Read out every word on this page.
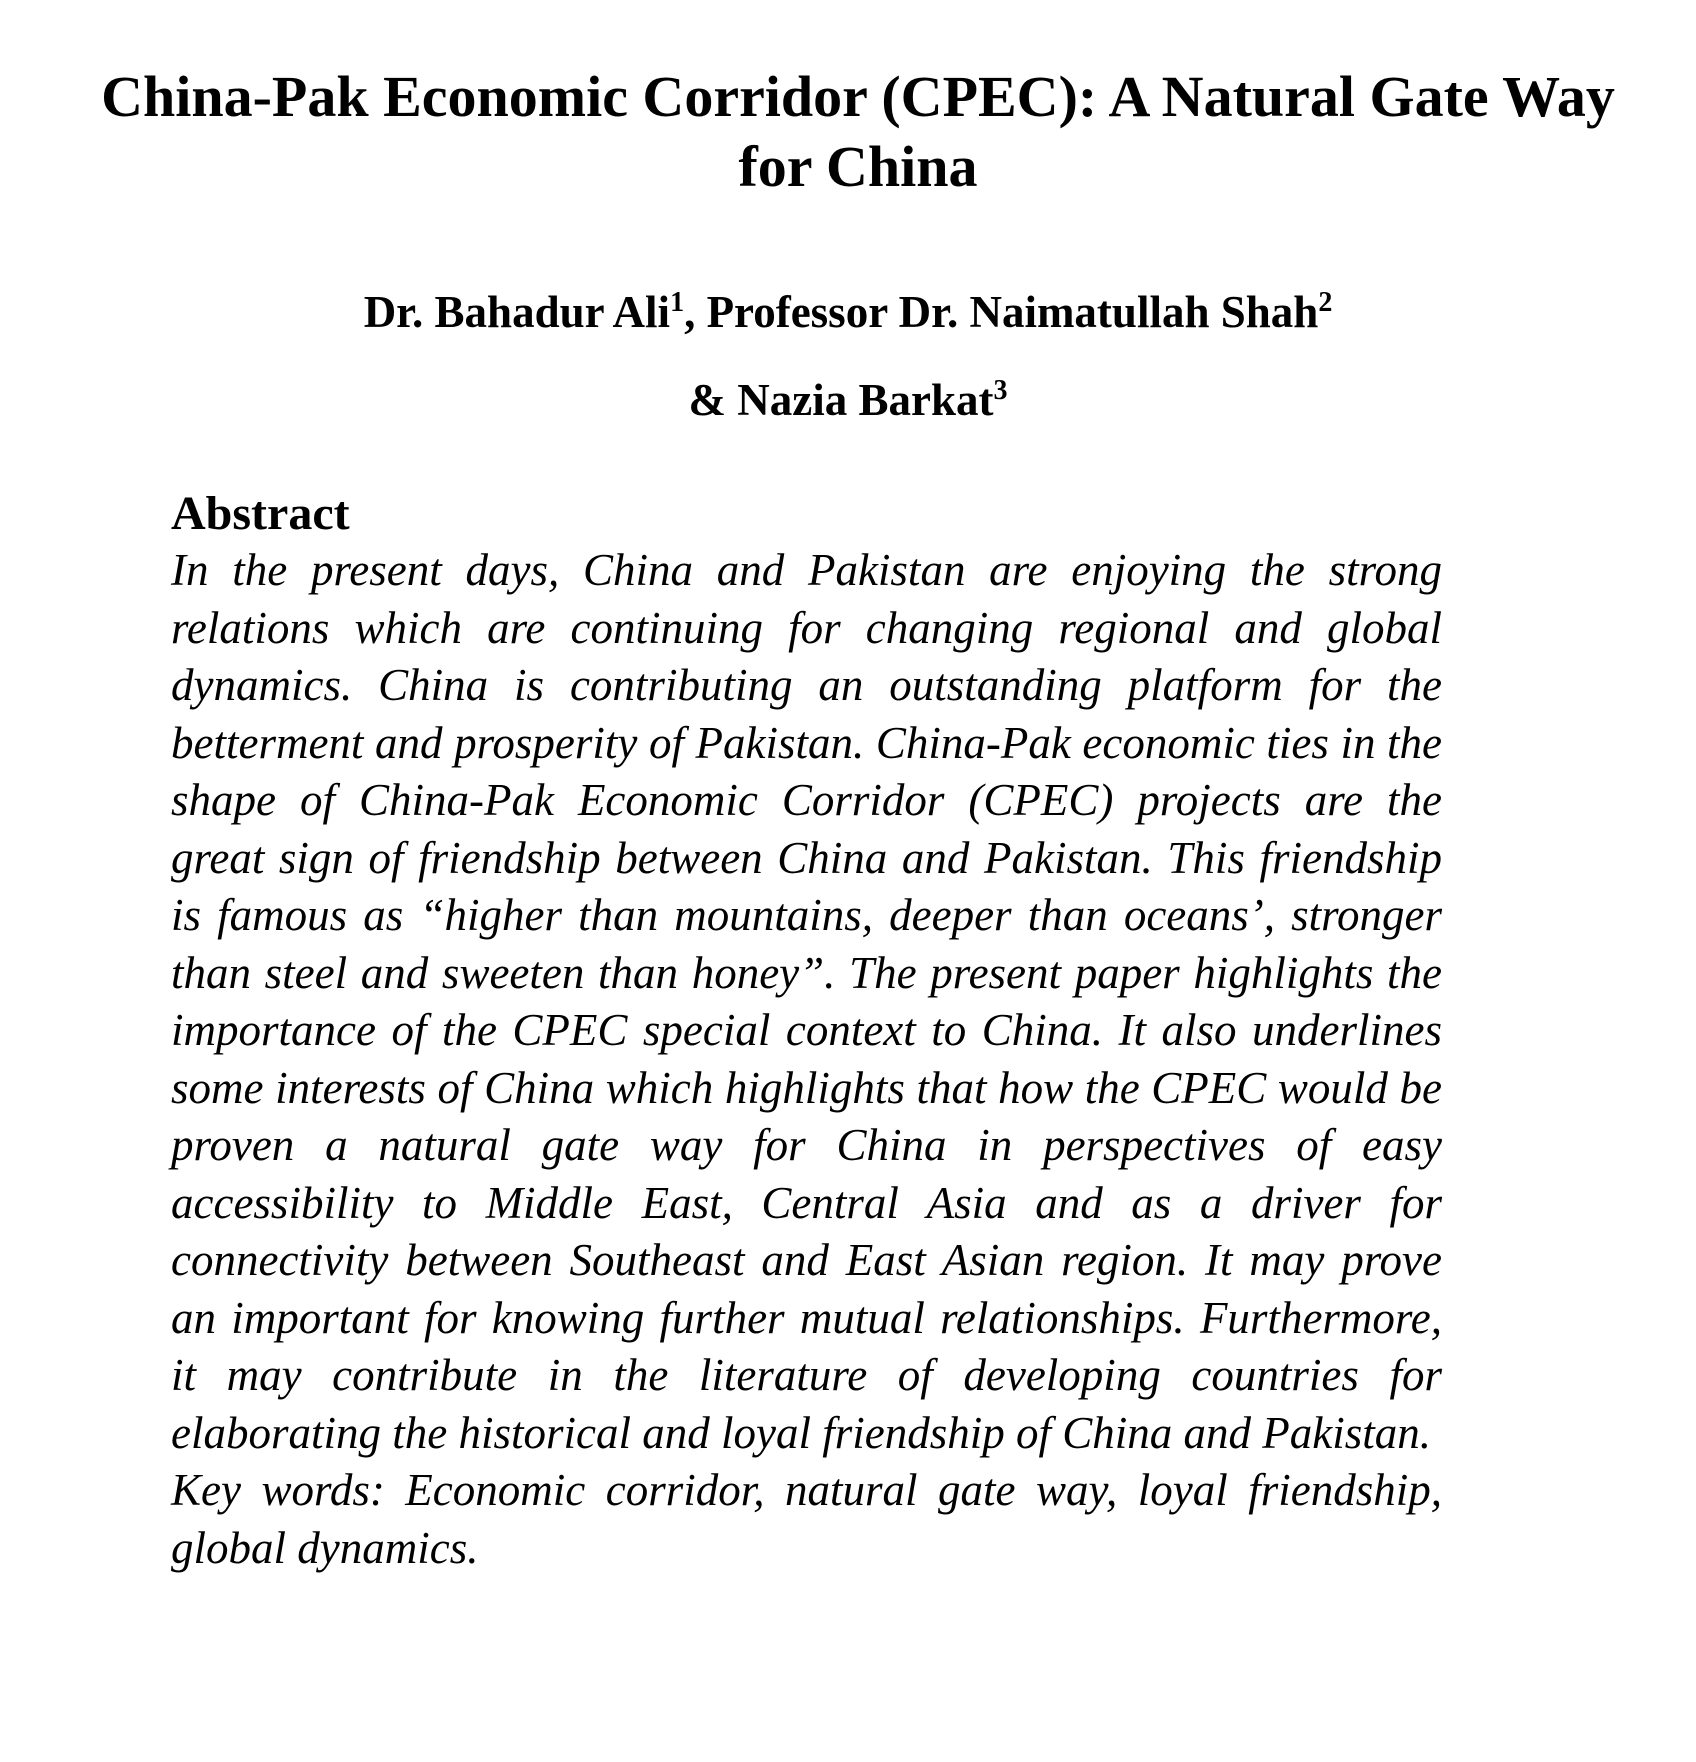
China-Pak Economic Corridor (CPEC): A Natural Gate Way for China

Dr. Bahadur Ali$^1$, Professor Dr. Naimatullah Shah$^2$

& Nazia Barkat$^3$

Abstract

In the present days, China and Pakistan are enjoying the strong relations which are continuing for changing regional and global dynamics. China is contributing an outstanding platform for the betterment and prosperity of Pakistan. China-Pak economic ties in the shape of China-Pak Economic Corridor (CPEC) projects are the great sign of friendship between China and Pakistan. This friendship is famous as “higher than mountains, deeper than oceans’, stronger than steel and sweeten than honey”. The present paper highlights the importance of the CPEC special context to China. It also underlines some interests of China which highlights that how the CPEC would be proven a natural gate way for China in perspectives of easy accessibility to Middle East, Central Asia and as a driver for connectivity between Southeast and East Asian region. It may prove an important for knowing further mutual relationships. Furthermore, it may contribute in the literature of developing countries for elaborating the historical and loyal friendship of China and Pakistan.

Key words: Economic corridor, natural gate way, loyal friendship, global dynamics.
